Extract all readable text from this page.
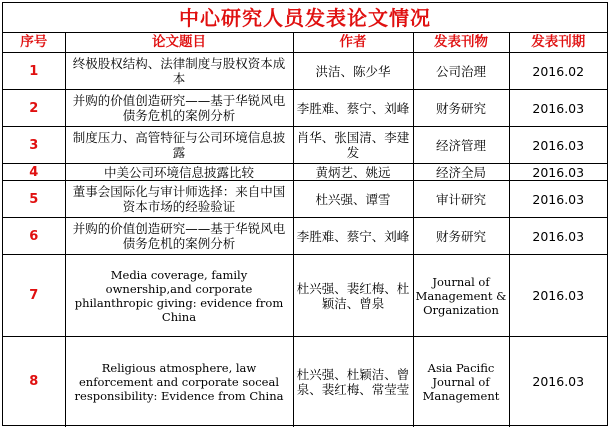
中心研究人员发表论文情况
序号	论文题目	作者	发表刊物	发表刊期
1	终极股权结构、法律制度与股权资本成本	洪洁、陈少华	公司治理	2016.02
2	并购的价值创造研究——基于华锐风电债务危机的案例分析	李胜难、蔡宁、刘峰	财务研究	2016.03
3	制度压力、高管特征与公司环境信息披露	肖华、张国清、李建发	经济管理	2016.03
4	中美公司环境信息披露比较	黄炳艺、姚远	经济全局	2016.03
5	董事会国际化与审计师选择：来自中国资本市场的经验验证	杜兴强、谭雪	审计研究	2016.03
6	并购的价值创造研究——基于华锐风电债务危机的案例分析	李胜难、蔡宁、刘峰	财务研究	2016.03
7	Media coverage, family ownership,and corporate philanthropic giving: evidence from China	杜兴强、裴红梅、杜颖洁、曾泉	Journal of Management & Organization	2016.03
8	Religious atmosphere, law enforcement and corporate soceal responsibility: Evidence from China	杜兴强、杜颖洁、曾泉、裴红梅、常莹莹	Asia Pacific Journal of Management	2016.03
